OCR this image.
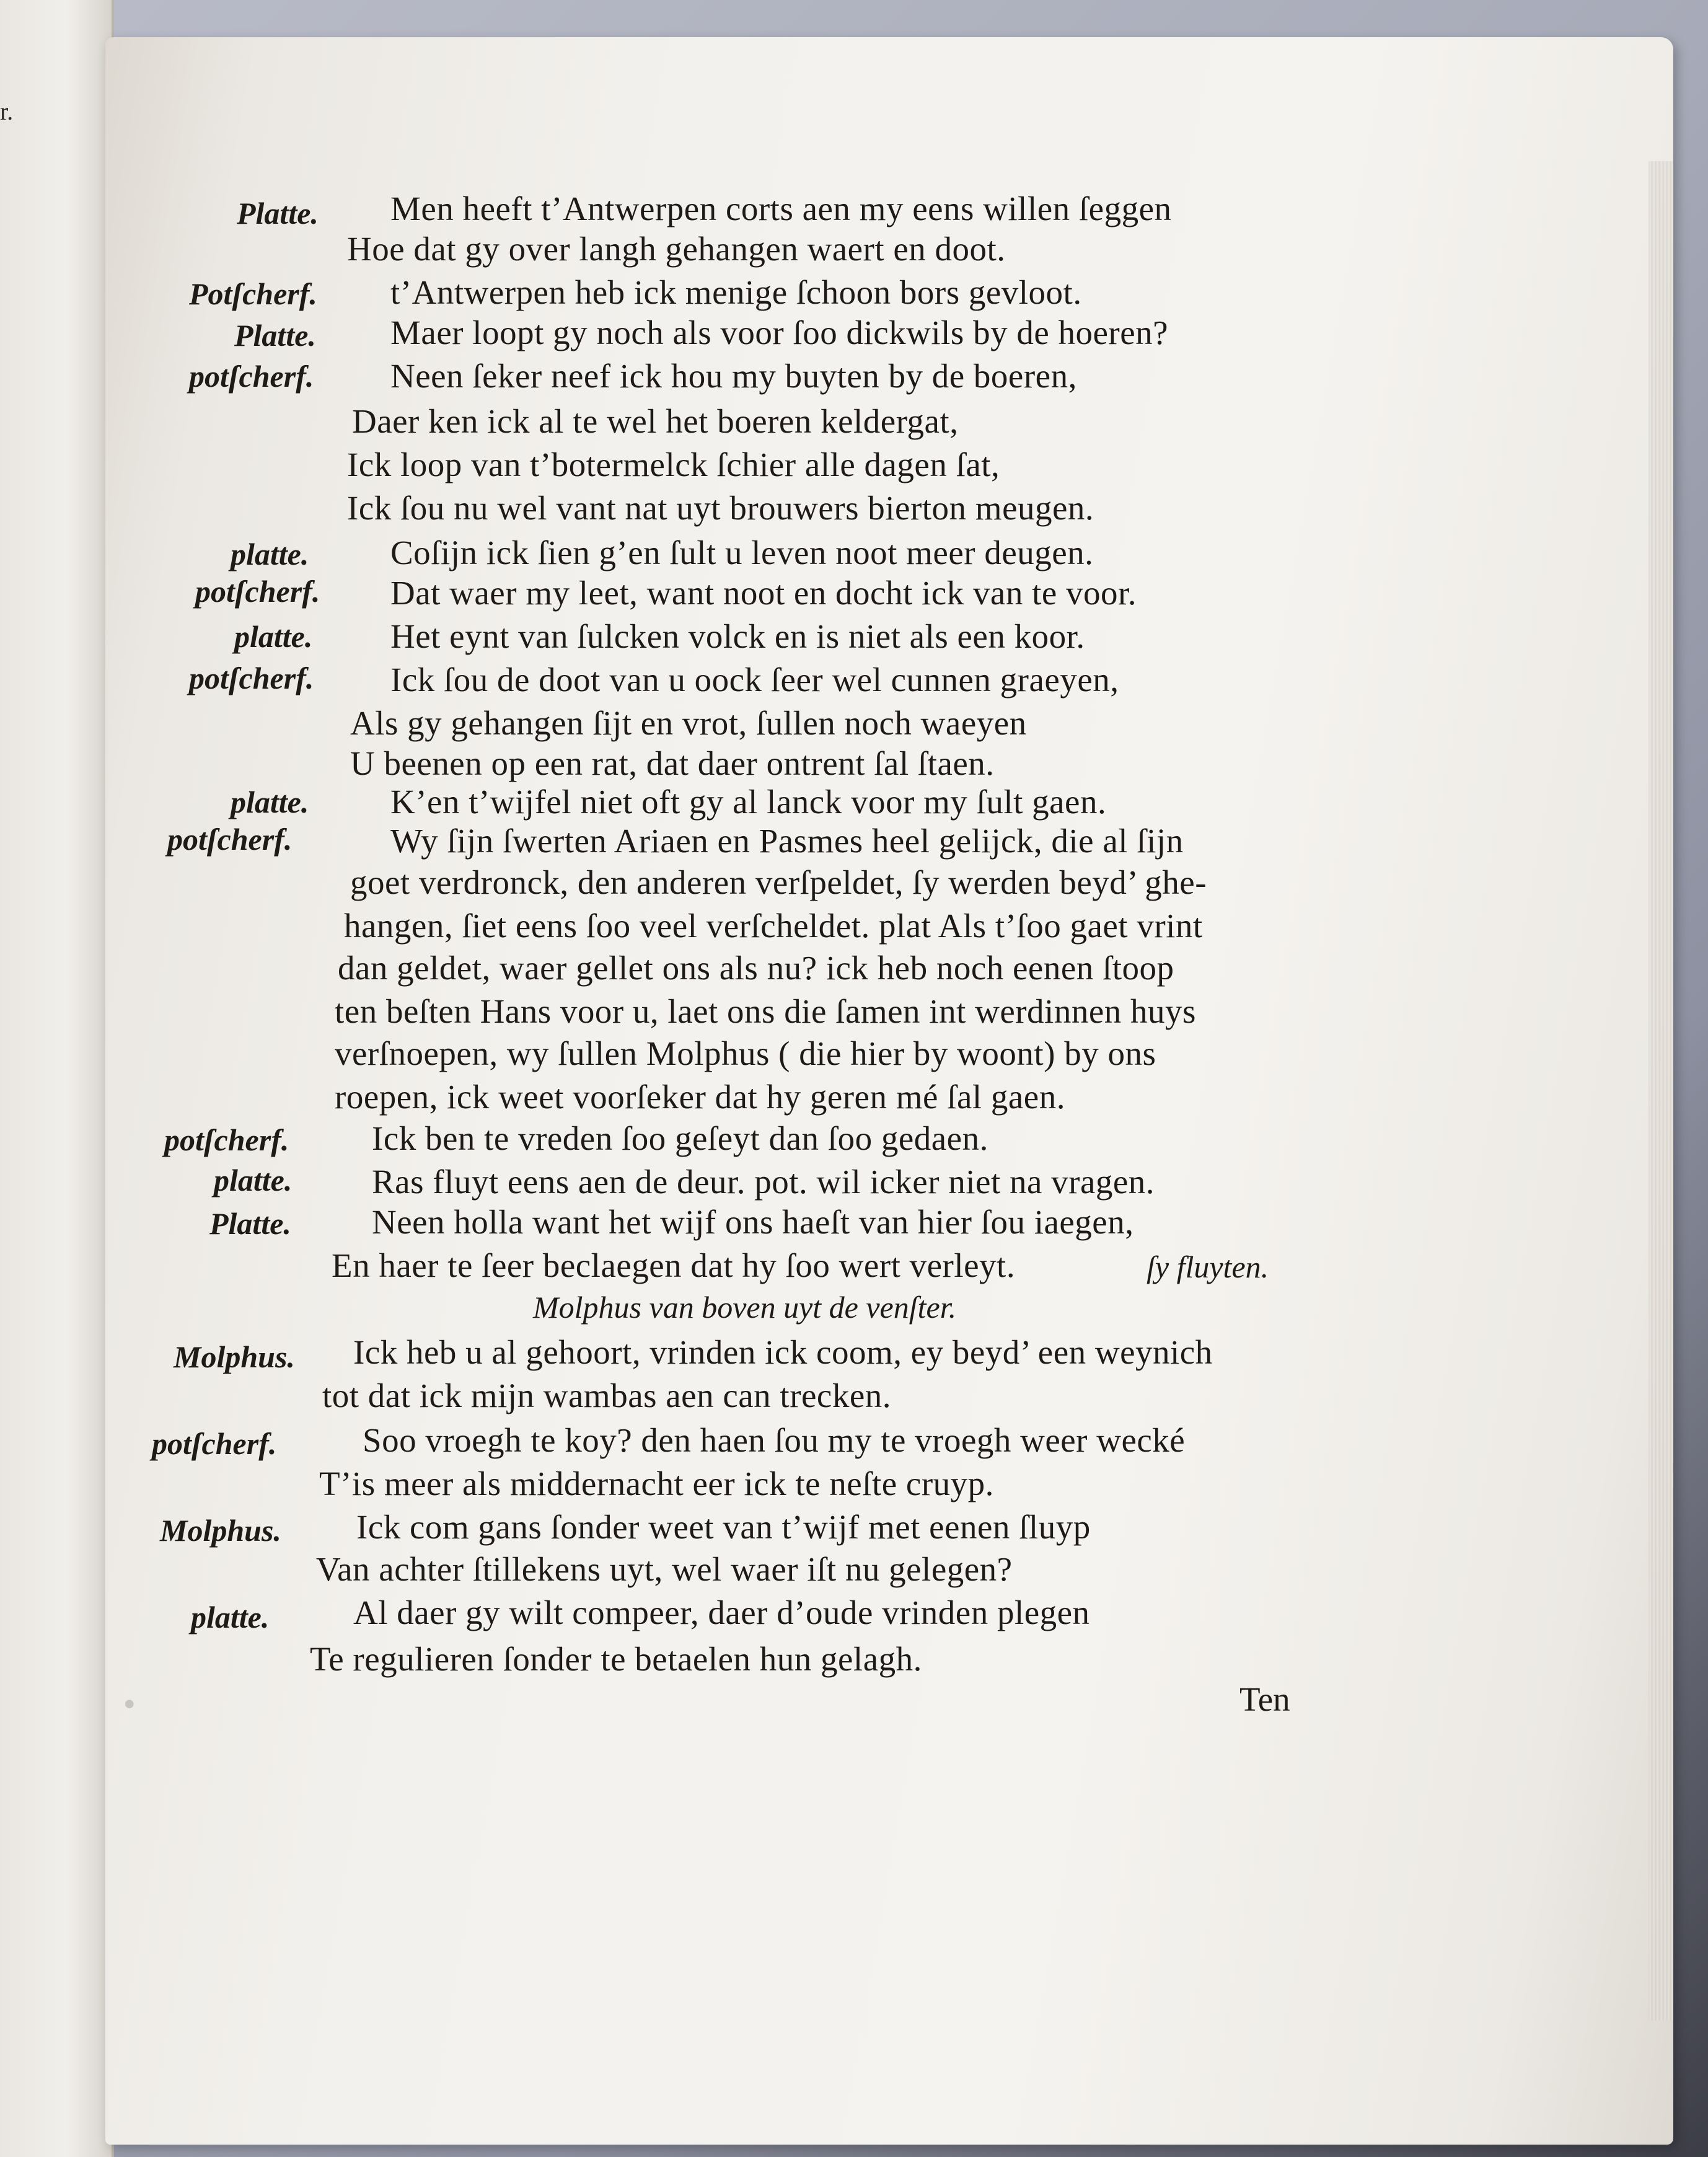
r.
Platte. Men heeft t’Antwerpen corts aen my eens willen ſeggen
Hoe dat gy over langh gehangen waert en doot.
Potſcherf. t’Antwerpen heb ick menige ſchoon bors gevloot.
Platte. Maer loopt gy noch als voor ſoo dickwils by de hoeren?
potſcherf. Neen ſeker neef ick hou my buyten by de boeren,
Daer ken ick al te wel het boeren keldergat,
Ick loop van t’botermelck ſchier alle dagen ſat,
Ick ſou nu wel vant nat uyt brouwers bierton meugen.
platte. Coſijn ick ſien g’en ſult u leven noot meer deugen.
potſcherf. Dat waer my leet, want noot en docht ick van te voor.
platte. Het eynt van ſulcken volck en is niet als een koor.
potſcherf. Ick ſou de doot van u oock ſeer wel cunnen graeyen,
Als gy gehangen ſijt en vrot, ſullen noch waeyen
U beenen op een rat, dat daer ontrent ſal ſtaen.
platte. K’en t’wijfel niet oft gy al lanck voor my ſult gaen.
potſcherf.	Wy ſijn ſwerten Ariaen en Pasmes heel gelijck, die al ſijn
goet verdronck, den anderen verſpeldet, ſy werden beyd’ ghe-
hangen, ſiet eens ſoo veel verſcheldet. plat Als t’ſoo gaet vrint
dan geldet, waer gellet ons als nu? ick heb noch eenen ſtoop
ten beſten Hans voor u, laet ons die ſamen int werdinnen huys
verſnoepen, wy ſullen Molphus ( die hier by woont) by ons
roepen, ick weet voorſeker dat hy geren mé ſal gaen.
potſcherf. Ick ben te vreden ſoo geſeyt dan ſoo gedaen.
platte. Ras fluyt eens aen de deur. pot. wil icker niet na vragen.
Platte. Neen holla want het wijf ons haeſt van hier ſou iaegen,
En haer te ſeer beclaegen dat hy ſoo wert verleyt.	ſy fluyten.
Molphus van boven uyt de venſter.
Molphus. Ick heb u al gehoort, vrinden ick coom, ey beyd’ een weynich
tot dat ick mijn wambas aen can trecken.
potſcherf.	Soo vroegh te koy? den haen ſou my te vroegh weer wecké
T’is meer als middernacht eer ick te neſte cruyp.
Molphus. Ick com gans ſonder weet van t’wijf met eenen ſluyp
Van achter ſtillekens uyt, wel waer iſt nu gelegen?
platte. Al daer gy wilt compeer, daer d’oude vrinden plegen
Te regulieren ſonder te betaelen hun gelagh.
Ten
•
